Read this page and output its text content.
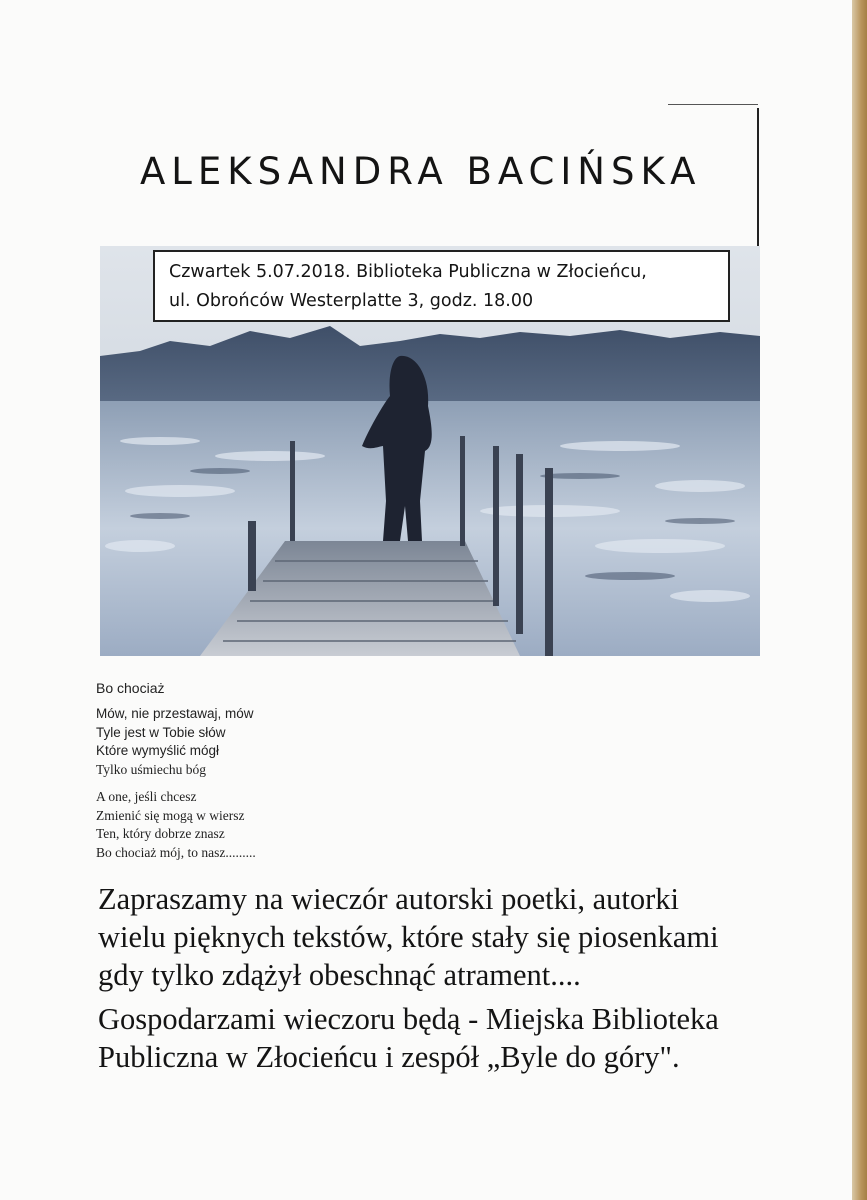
ALEKSANDRA BACIŃSKA
Czwartek 5.07.2018. Biblioteka Publiczna w Złocieńcu,
ul. Obrońców Westerplatte 3, godz. 18.00
Bo chociaż
Mów, nie przestawaj, mów
Tyle jest w Tobie słów
Które wymyślić mógł
Tylko uśmiechu bóg
A one, jeśli chcesz
Zmienić się mogą w wiersz
Ten, który dobrze znasz
Bo chociaż mój, to nasz.........

Zapraszamy na wieczór autorski poetki, autorki
wielu pięknych tekstów, które stały się piosenkami
gdy tylko zdążył obeschnąć atrament....

Gospodarzami wieczoru będą - Miejska Biblioteka
Publiczna w Złocieńcu i zespół „Byle do góry".
